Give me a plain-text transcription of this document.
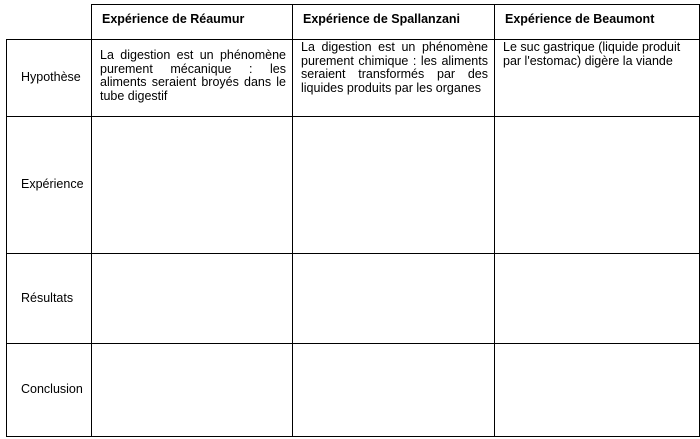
Expérience de Réaumur	Expérience de Spallanzani	Expérience de Beaumont
Hypothèse
Expérience
Résultats
Conclusion
La digestion est un phénomène purement mécanique : les aliments seraient broyés dans le tube digestif
La digestion est un phénomène purement chimique : les aliments seraient transformés par des liquides produits par les organes
Le suc gastrique (liquide produit par l'estomac) digère la viande
